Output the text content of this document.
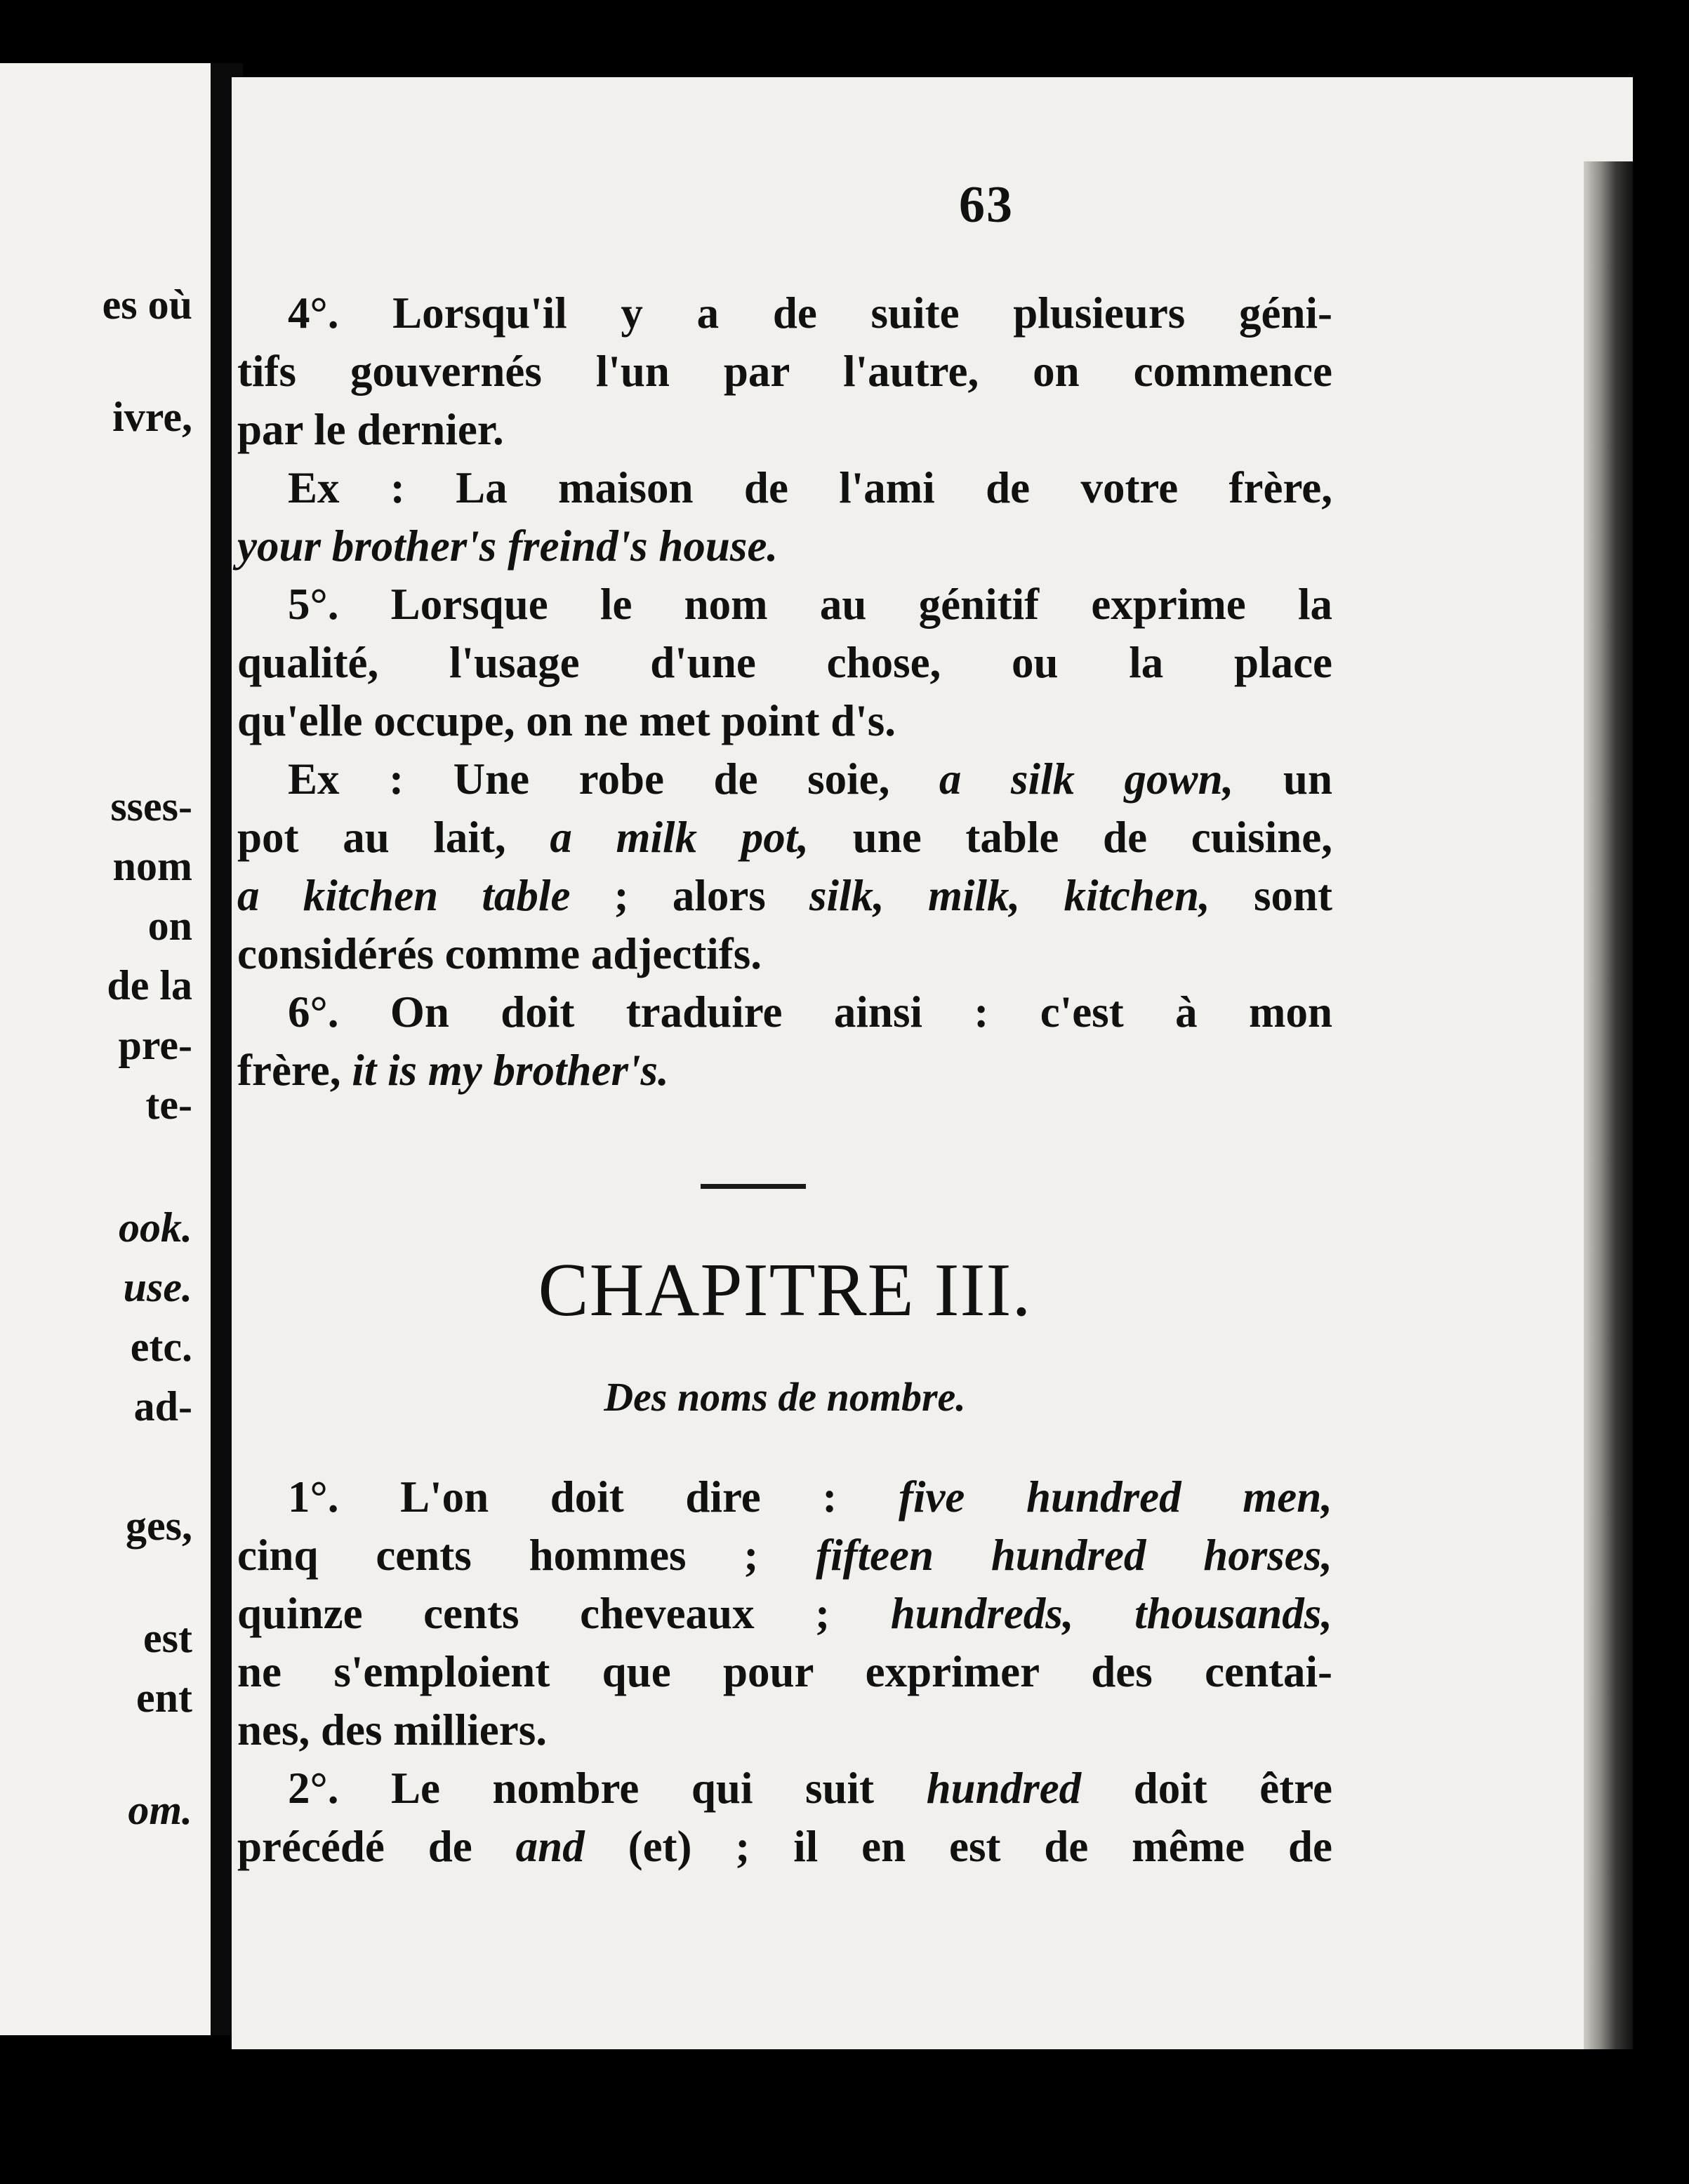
es où
ivre,
sses-
nom
on
de la
pre-
te-
ook.
use.
etc.
ad-
ges,
est
ent
om.
63
4°. Lorsqu'il y a de suite plusieurs géni-
tifs gouvernés l'un par l'autre, on commence
par le dernier.
Ex : La maison de l'ami de votre frère,
your brother's freind's house.
5°. Lorsque le nom au génitif exprime la
qualité, l'usage d'une chose, ou la place
qu'elle occupe, on ne met point d's.
Ex : Une robe de soie, a silk gown, un
pot au lait, a milk pot, une table de cuisine,
a kitchen table ; alors silk, milk, kitchen, sont
considérés comme adjectifs.
6°. On doit traduire ainsi : c'est à mon
frère, it is my brother's.
CHAPITRE III.
Des noms de nombre.
1°. L'on doit dire : five hundred men,
cinq cents hommes ; fifteen hundred horses,
quinze cents cheveaux ; hundreds, thousands,
ne s'emploient que pour exprimer des centai-
nes, des milliers.
2°. Le nombre qui suit hundred doit être
précédé de and (et) ; il en est de même de
